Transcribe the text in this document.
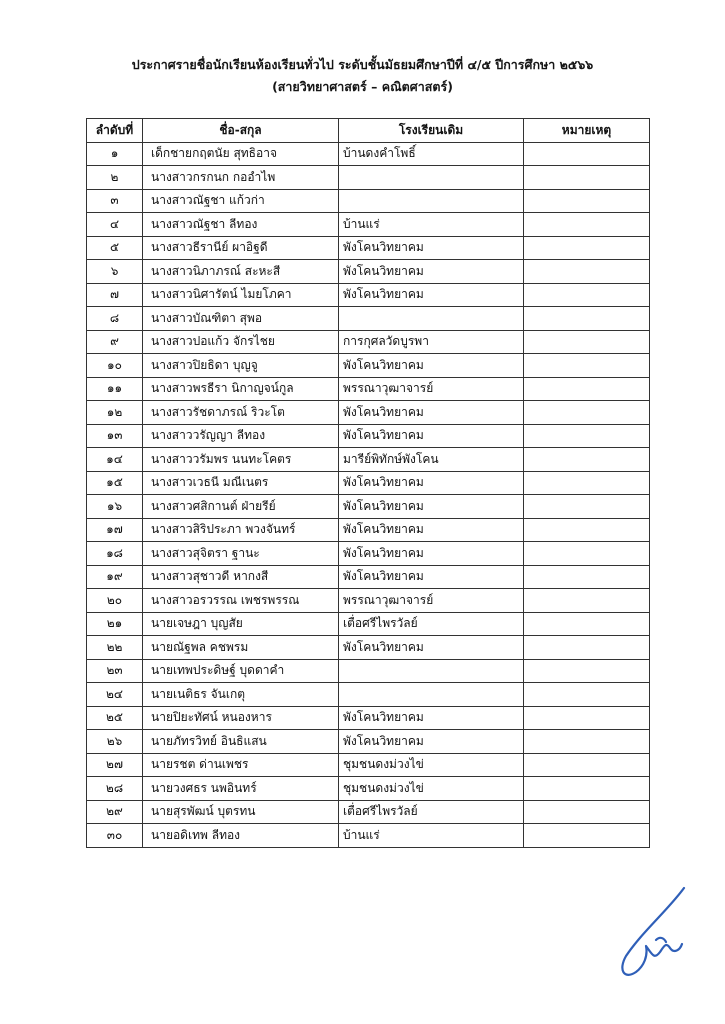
ประกาศรายชื่อนักเรียนห้องเรียนทั่วไป ระดับชั้นมัธยมศึกษาปีที่ ๔/๕ ปีการศึกษา ๒๕๖๖
(สายวิทยาศาสตร์ – คณิตศาสตร์)
ลำดับที่	ชื่อ-สกุล	โรงเรียนเดิม	หมายเหตุ
๑	เด็กชายกฤตนัย สุทธิอาจ	บ้านดงคำโพธิ์	
๒	นางสาวกรกนก กออำไพ		
๓	นางสาวณัฐชา แก้วก่า		
๔	นางสาวณัฐชา ลีทอง	บ้านแร่	
๕	นางสาวธีรานีย์ ผาอิฐดี	พังโคนวิทยาคม	
๖	นางสาวนิภาภรณ์ สะหะสี	พังโคนวิทยาคม	
๗	นางสาวนิศารัตน์ ไมยโภคา	พังโคนวิทยาคม	
๘	นางสาวบัณฑิตา สุพอ		
๙	นางสาวปอแก้ว จักรไชย	การกุศลวัดบูรพา	
๑๐	นางสาวปิยธิดา บุญจู	พังโคนวิทยาคม	
๑๑	นางสาวพรธีรา นิกาญจน์กูล	พรรณาวุฒาจารย์	
๑๒	นางสาวรัชดาภรณ์ ริวะโต	พังโคนวิทยาคม	
๑๓	นางสาววรัญญา ลีทอง	พังโคนวิทยาคม	
๑๔	นางสาววรัมพร นนทะโคตร	มารีย์พิทักษ์พังโคน	
๑๕	นางสาวเวธนี มณีเนตร	พังโคนวิทยาคม	
๑๖	นางสาวศสิกานต์ ฝ่ายรีย์	พังโคนวิทยาคม	
๑๗	นางสาวสิริประภา พวงจันทร์	พังโคนวิทยาคม	
๑๘	นางสาวสุจิตรา ฐานะ	พังโคนวิทยาคม	
๑๙	นางสาวสุชาวดี หากงสี	พังโคนวิทยาคม	
๒๐	นางสาวอรวรรณ เพชรพรรณ	พรรณาวุฒาจารย์	
๒๑	นายเจษฎา บุญสัย	เตื่อศรีไพรวัลย์	
๒๒	นายณัฐพล คชพรม	พังโคนวิทยาคม	
๒๓	นายเทพประดิษฐ์ บุดดาคำ		
๒๔	นายเนติธร จันเกตุ		
๒๕	นายปิยะทัศน์ หนองหาร	พังโคนวิทยาคม	
๒๖	นายภัทรวิทย์ อินธิแสน	พังโคนวิทยาคม	
๒๗	นายรชต ด่านเพชร	ชุมชนดงม่วงไข่	
๒๘	นายวงศธร นพอินทร์	ชุมชนดงม่วงไข่	
๒๙	นายสุรพัฒน์ บุตรทน	เตื่อศรีไพรวัลย์	
๓๐	นายอดิเทพ ลีทอง	บ้านแร่	
